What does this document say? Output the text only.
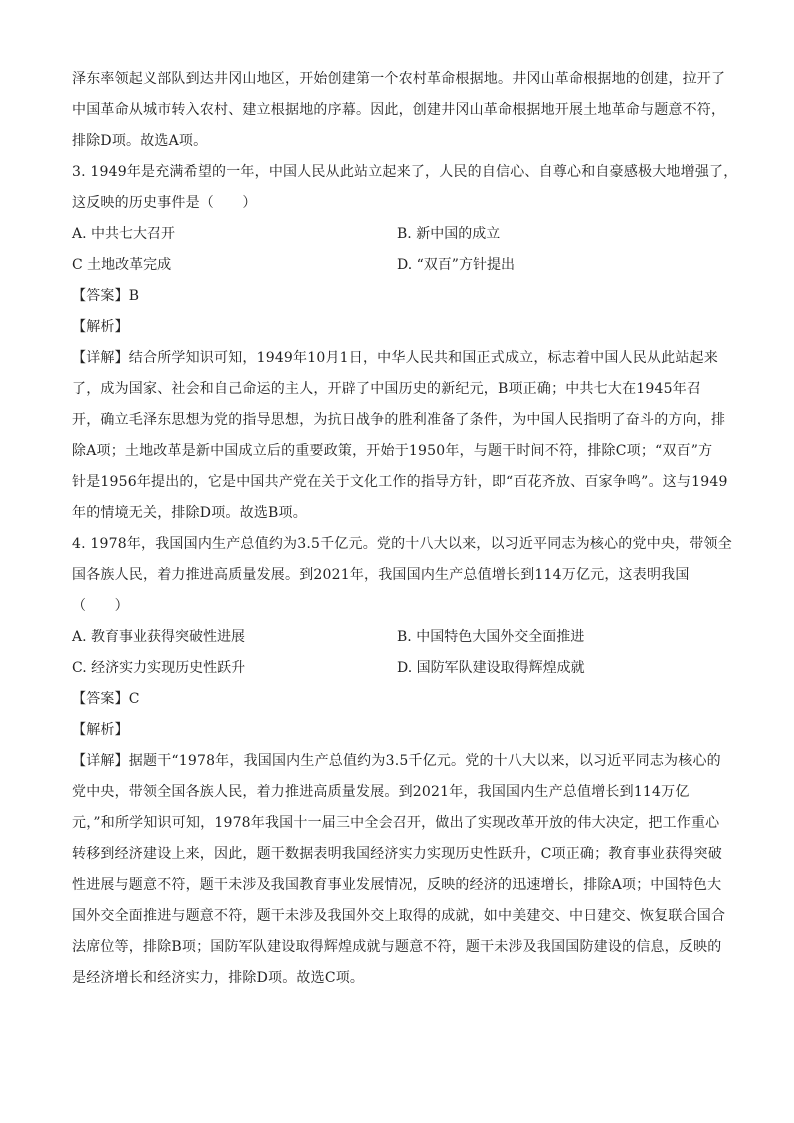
泽东率领起义部队到达井冈山地区，开始创建第一个农村革命根据地。井冈山革命根据地的创建，拉开了
中国革命从城市转入农村、建立根据地的序幕。因此，创建井冈山革命根据地开展土地革命与题意不符，
排除D项。故选A项。
3. 1949年是充满希望的一年，中国人民从此站立起来了，人民的自信心、自尊心和自豪感极大地增强了，
这反映的历史事件是（　　）
A. 中共七大召开	B. 新中国的成立
C 土地改革完成	D. “双百”方针提出
【答案】B
【解析】
【详解】结合所学知识可知，1949年10月1日，中华人民共和国正式成立，标志着中国人民从此站起来
了，成为国家、社会和自己命运的主人，开辟了中国历史的新纪元，B项正确；中共七大在1945年召
开，确立毛泽东思想为党的指导思想，为抗日战争的胜利准备了条件，为中国人民指明了奋斗的方向，排
除A项；土地改革是新中国成立后的重要政策，开始于1950年，与题干时间不符，排除C项；“双百”方
针是1956年提出的，它是中国共产党在关于文化工作的指导方针，即“百花齐放、百家争鸣”。这与1949
年的情境无关，排除D项。故选B项。
4. 1978年，我国国内生产总值约为3.5千亿元。党的十八大以来，以习近平同志为核心的党中央，带领全
国各族人民，着力推进高质量发展。到2021年，我国国内生产总值增长到114万亿元，这表明我国
（　　）
A. 教育事业获得突破性进展	B. 中国特色大国外交全面推进
C. 经济实力实现历史性跃升	D. 国防军队建设取得辉煌成就
【答案】C
【解析】
【详解】据题干“1978年，我国国内生产总值约为3.5千亿元。党的十八大以来，以习近平同志为核心的
党中央，带领全国各族人民，着力推进高质量发展。到2021年，我国国内生产总值增长到114万亿
元，”和所学知识可知，1978年我国十一届三中全会召开，做出了实现改革开放的伟大决定，把工作重心
转移到经济建设上来，因此，题干数据表明我国经济实力实现历史性跃升，C项正确；教育事业获得突破
性进展与题意不符，题干未涉及我国教育事业发展情况，反映的经济的迅速增长，排除A项；中国特色大
国外交全面推进与题意不符，题干未涉及我国外交上取得的成就，如中美建交、中日建交、恢复联合国合
法席位等，排除B项；国防军队建设取得辉煌成就与题意不符，题干未涉及我国国防建设的信息，反映的
是经济增长和经济实力，排除D项。故选C项。
